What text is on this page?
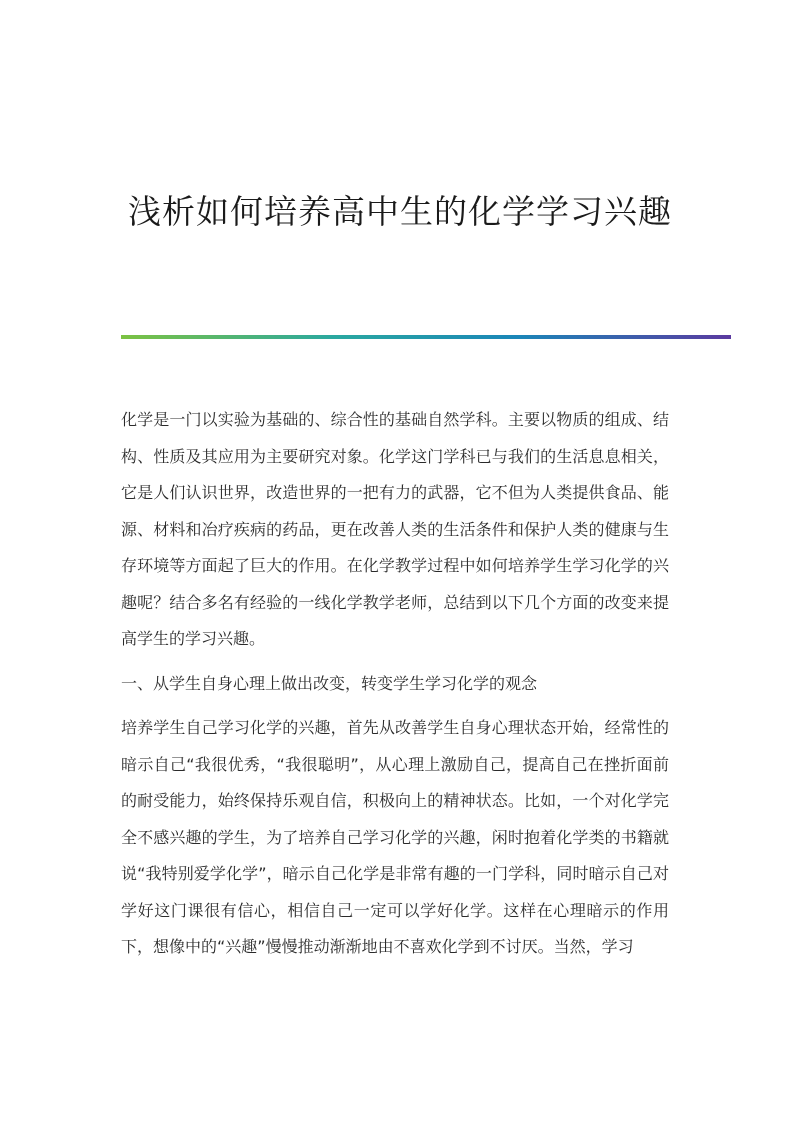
浅析如何培养高中生的化学学习兴趣

化学是一门以实验为基础的、综合性的基础自然学科。主要以物质的组成、结构、性质及其应用为主要研究对象。化学这门学科已与我们的生活息息相关，它是人们认识世界，改造世界的一把有力的武器，它不但为人类提供食品、能源、材料和冶疗疾病的药品，更在改善人类的生活条件和保护人类的健康与生存环境等方面起了巨大的作用。在化学教学过程中如何培养学生学习化学的兴趣呢？结合多名有经验的一线化学教学老师，总结到以下几个方面的改变来提高学生的学习兴趣。

一、从学生自身心理上做出改变，转变学生学习化学的观念

培养学生自己学习化学的兴趣，首先从改善学生自身心理状态开始，经常性的暗示自己“我很优秀，“我很聪明”，从心理上激励自己，提高自己在挫折面前的耐受能力，始终保持乐观自信，积极向上的精神状态。比如，一个对化学完全不感兴趣的学生，为了培养自己学习化学的兴趣，闲时抱着化学类的书籍就说“我特别爱学化学”，暗示自己化学是非常有趣的一门学科，同时暗示自己对学好这门课很有信心，相信自己一定可以学好化学。这样在心理暗示的作用下，想像中的“兴趣”慢慢推动渐渐地由不喜欢化学到不讨厌。当然，学习
